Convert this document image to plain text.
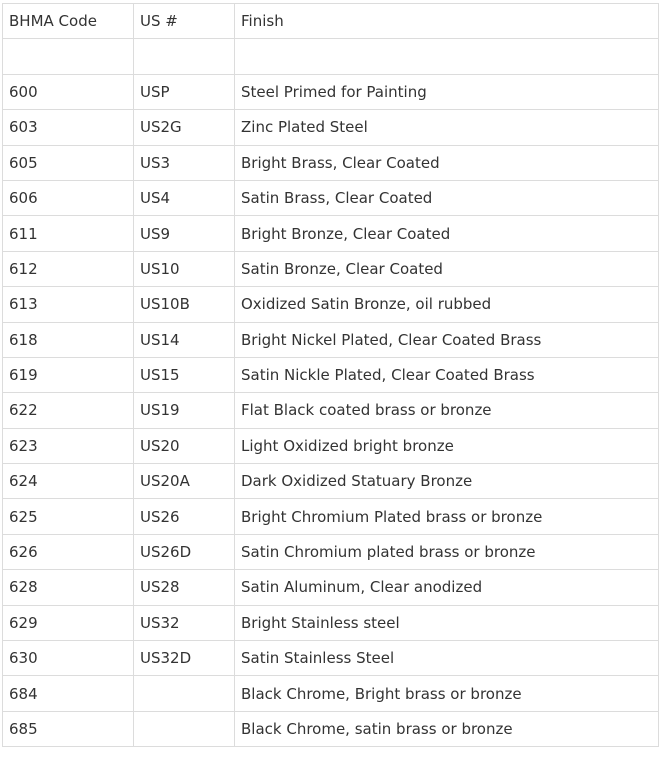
BHMA Code	US #	Finish

600	USP	Steel Primed for Painting
603	US2G	Zinc Plated Steel
605	US3	Bright Brass, Clear Coated
606	US4	Satin Brass, Clear Coated
611	US9	Bright Bronze, Clear Coated
612	US10	Satin Bronze, Clear Coated
613	US10B	Oxidized Satin Bronze, oil rubbed
618	US14	Bright Nickel Plated, Clear Coated Brass
619	US15	Satin Nickle Plated, Clear Coated Brass
622	US19	Flat Black coated brass or bronze
623	US20	Light Oxidized bright bronze
624	US20A	Dark Oxidized Statuary Bronze
625	US26	Bright Chromium Plated brass or bronze
626	US26D	Satin Chromium plated brass or bronze
628	US28	Satin Aluminum, Clear anodized
629	US32	Bright Stainless steel
630	US32D	Satin Stainless Steel
684		Black Chrome, Bright brass or bronze
685		Black Chrome, satin brass or bronze
